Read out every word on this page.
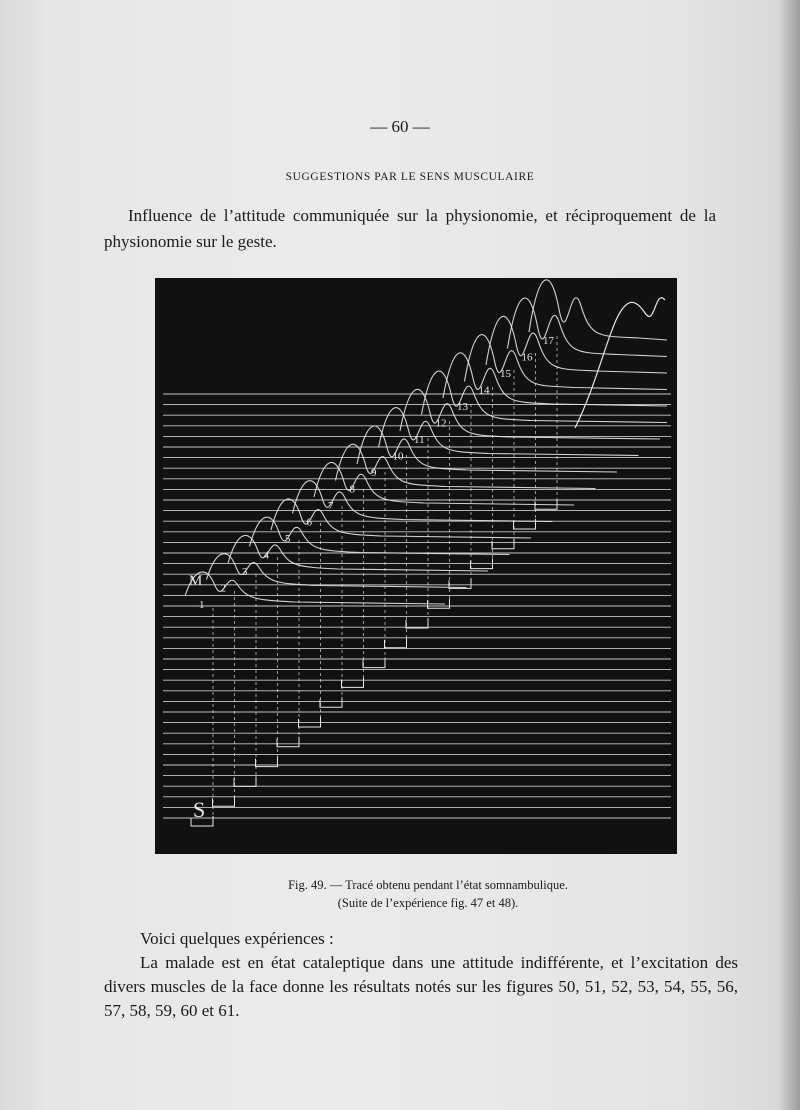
— 60 —
SUGGESTIONS PAR LE SENS MUSCULAIRE
Influence de l’attitude communiquée sur la physionomie, et réciproquement de la physionomie sur le geste.
1
2
3
4
5
6
7
8
9
10
11
12
13
14
15
16
17
M
S
Fig. 49. — Tracé obtenu pendant l’état somnambulique.
(Suite de l’expérience fig. 47 et 48).

Voici quelques expériences :

La malade est en état cataleptique dans une attitude indifférente, et l’excitation des divers muscles de la face donne les résultats notés sur les figures 50, 51, 52, 53, 54, 55, 56, 57, 58, 59, 60 et 61.
